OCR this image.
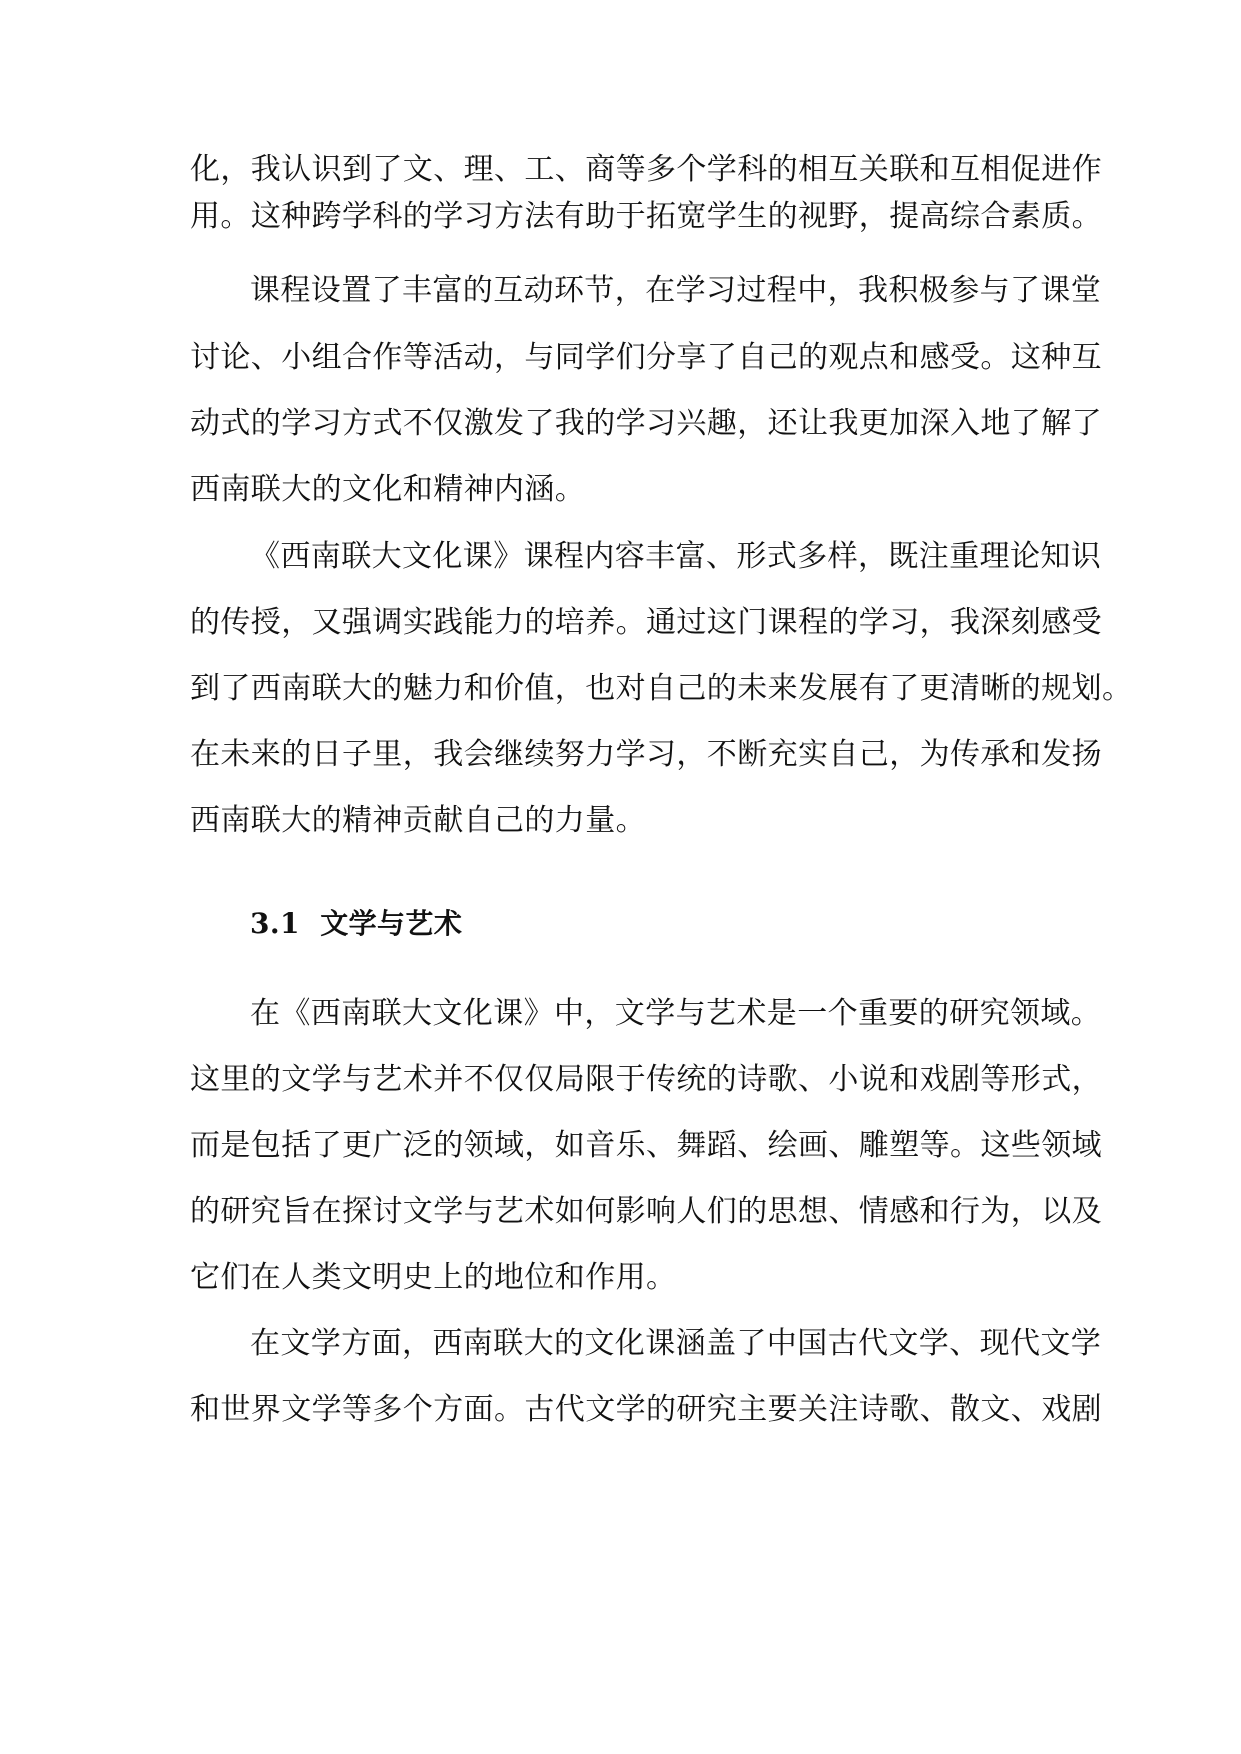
化，我认识到了文、理、工、商等多个学科的相互关联和互相促进作
用。这种跨学科的学习方法有助于拓宽学生的视野，提高综合素质。
课程设置了丰富的互动环节，在学习过程中，我积极参与了课堂
讨论、小组合作等活动，与同学们分享了自己的观点和感受。这种互
动式的学习方式不仅激发了我的学习兴趣，还让我更加深入地了解了
西南联大的文化和精神内涵。
《西南联大文化课》课程内容丰富、形式多样，既注重理论知识
的传授，又强调实践能力的培养。通过这门课程的学习，我深刻感受
到了西南联大的魅力和价值，也对自己的未来发展有了更清晰的规划。
在未来的日子里，我会继续努力学习，不断充实自己，为传承和发扬
西南联大的精神贡献自己的力量。
3.1 文学与艺术
在《西南联大文化课》中，文学与艺术是一个重要的研究领域。
这里的文学与艺术并不仅仅局限于传统的诗歌、小说和戏剧等形式，
而是包括了更广泛的领域，如音乐、舞蹈、绘画、雕塑等。这些领域
的研究旨在探讨文学与艺术如何影响人们的思想、情感和行为，以及
它们在人类文明史上的地位和作用。
在文学方面，西南联大的文化课涵盖了中国古代文学、现代文学
和世界文学等多个方面。古代文学的研究主要关注诗歌、散文、戏剧
